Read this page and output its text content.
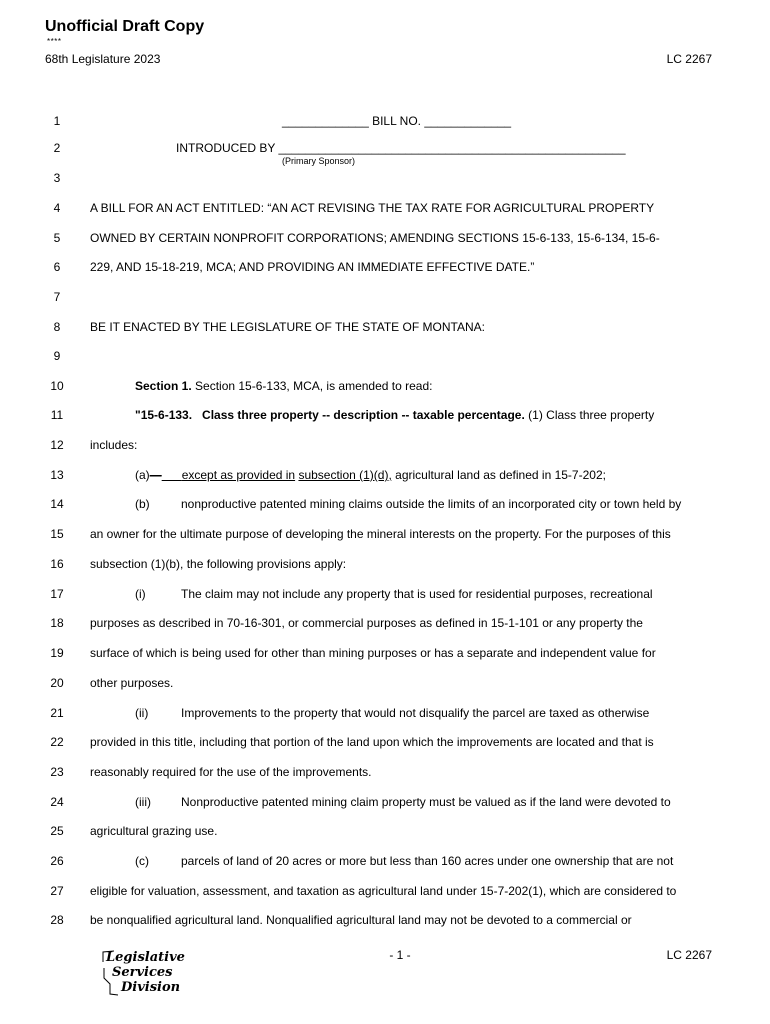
Unofficial Draft Copy
****
68th Legislature 2023	LC 2267
1	_____________ BILL NO. _____________
2	INTRODUCED BY ____________________________________________________
(Primary Sponsor)
3
4	A BILL FOR AN ACT ENTITLED: “AN ACT REVISING THE TAX RATE FOR AGRICULTURAL PROPERTY
5	OWNED BY CERTAIN NONPROFIT CORPORATIONS; AMENDING SECTIONS 15-6-133, 15-6-134, 15-6-
6	229, AND 15-18-219, MCA; AND PROVIDING AN IMMEDIATE EFFECTIVE DATE.”
7
8	BE IT ENACTED BY THE LEGISLATURE OF THE STATE OF MONTANA:
9
10	Section 1. Section 15-6-133, MCA, is amended to read:
11	"15-6-133.   Class three property -- description -- taxable percentage. (1) Class three property
12	includes:
13	(a)— except as provided in subsection (1)(d), agricultural land as defined in 15-7-202;
14	(b)	nonproductive patented mining claims outside the limits of an incorporated city or town held by
15	an owner for the ultimate purpose of developing the mineral interests on the property. For the purposes of this
16	subsection (1)(b), the following provisions apply:
17	(i)	The claim may not include any property that is used for residential purposes, recreational
18	purposes as described in 70-16-301, or commercial purposes as defined in 15-1-101 or any property the
19	surface of which is being used for other than mining purposes or has a separate and independent value for
20	other purposes.
21	(ii)	Improvements to the property that would not disqualify the parcel are taxed as otherwise
22	provided in this title, including that portion of the land upon which the improvements are located and that is
23	reasonably required for the use of the improvements.
24	(iii)	Nonproductive patented mining claim property must be valued as if the land were devoted to
25	agricultural grazing use.
26	(c)	parcels of land of 20 acres or more but less than 160 acres under one ownership that are not
27	eligible for valuation, assessment, and taxation as agricultural land under 15-7-202(1), which are considered to
28	be nonqualified agricultural land. Nonqualified agricultural land may not be devoted to a commercial or
Legislative
Services
Division
- 1 -	LC 2267
